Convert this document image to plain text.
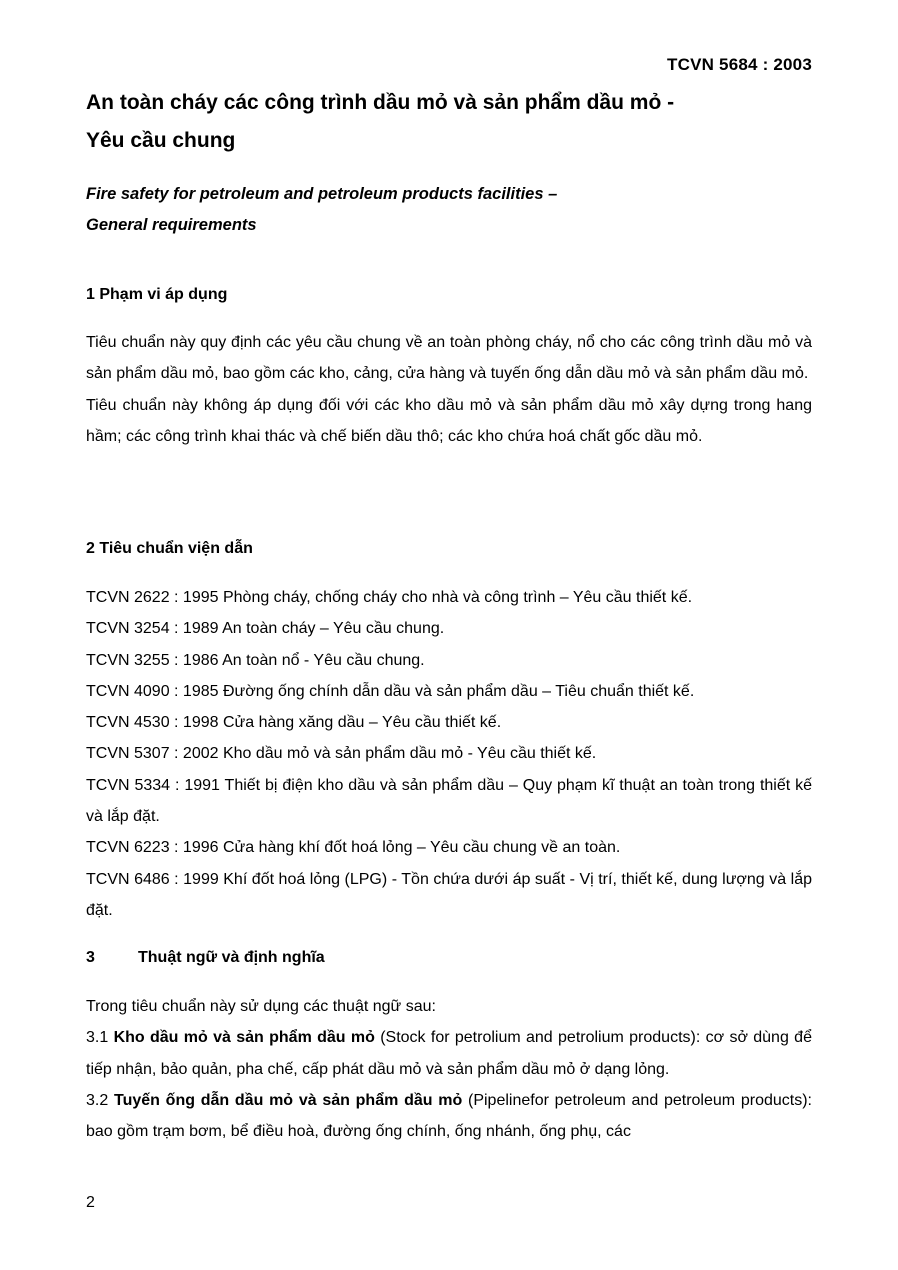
TCVN 5684 : 2003
An toàn cháy các công trình dầu mỏ và sản phẩm dầu mỏ -
Yêu cầu chung
Fire safety for petroleum and petroleum products facilities –
General requirements
1 Phạm vi áp dụng

Tiêu chuẩn này quy định các yêu cầu chung về an toàn phòng cháy, nổ cho các công trình dầu mỏ và sản phẩm dầu mỏ, bao gồm các kho, cảng, cửa hàng và tuyến ống dẫn dầu mỏ và sản phẩm dầu mỏ.

Tiêu chuẩn này không áp dụng đối với các kho dầu mỏ và sản phẩm dầu mỏ xây dựng trong hang hầm; các công trình khai thác và chế biến dầu thô; các kho chứa hoá chất gốc dầu mỏ.

2 Tiêu chuẩn viện dẫn

TCVN 2622 : 1995 Phòng cháy, chống cháy cho nhà và công trình – Yêu cầu thiết kế.

TCVN 3254 : 1989 An toàn cháy – Yêu cầu chung.

TCVN 3255 : 1986 An toàn nổ - Yêu cầu chung.

TCVN 4090 : 1985 Đường ống chính dẫn dầu và sản phẩm dầu – Tiêu chuẩn thiết kế.

TCVN 4530 : 1998 Cửa hàng xăng dầu – Yêu cầu thiết kế.

TCVN 5307 : 2002 Kho dầu mỏ và sản phẩm dầu mỏ - Yêu cầu thiết kế.

TCVN 5334 : 1991 Thiết bị điện kho dầu và sản phẩm dầu – Quy phạm kĩ thuật an toàn trong thiết kế và lắp đặt.

TCVN 6223 : 1996 Cửa hàng khí đốt hoá lỏng – Yêu cầu chung về an toàn.

TCVN 6486 : 1999 Khí đốt hoá lỏng (LPG) - Tồn chứa dưới áp suất - Vị trí, thiết kế, dung lượng và lắp đặt.

3	Thuật ngữ và định nghĩa

Trong tiêu chuẩn này sử dụng các thuật ngữ sau:

3.1 Kho dầu mỏ và sản phẩm dầu mỏ (Stock for petrolium and petrolium products): cơ sở dùng để tiếp nhận, bảo quản, pha chế, cấp phát dầu mỏ và sản phẩm dầu mỏ ở dạng lỏng.

3.2 Tuyến ống dẫn dầu mỏ và sản phẩm dầu mỏ (Pipelinefor petroleum and petroleum products): bao gồm trạm bơm, bể điều hoà, đường ống chính, ống nhánh, ống phụ, các

2
